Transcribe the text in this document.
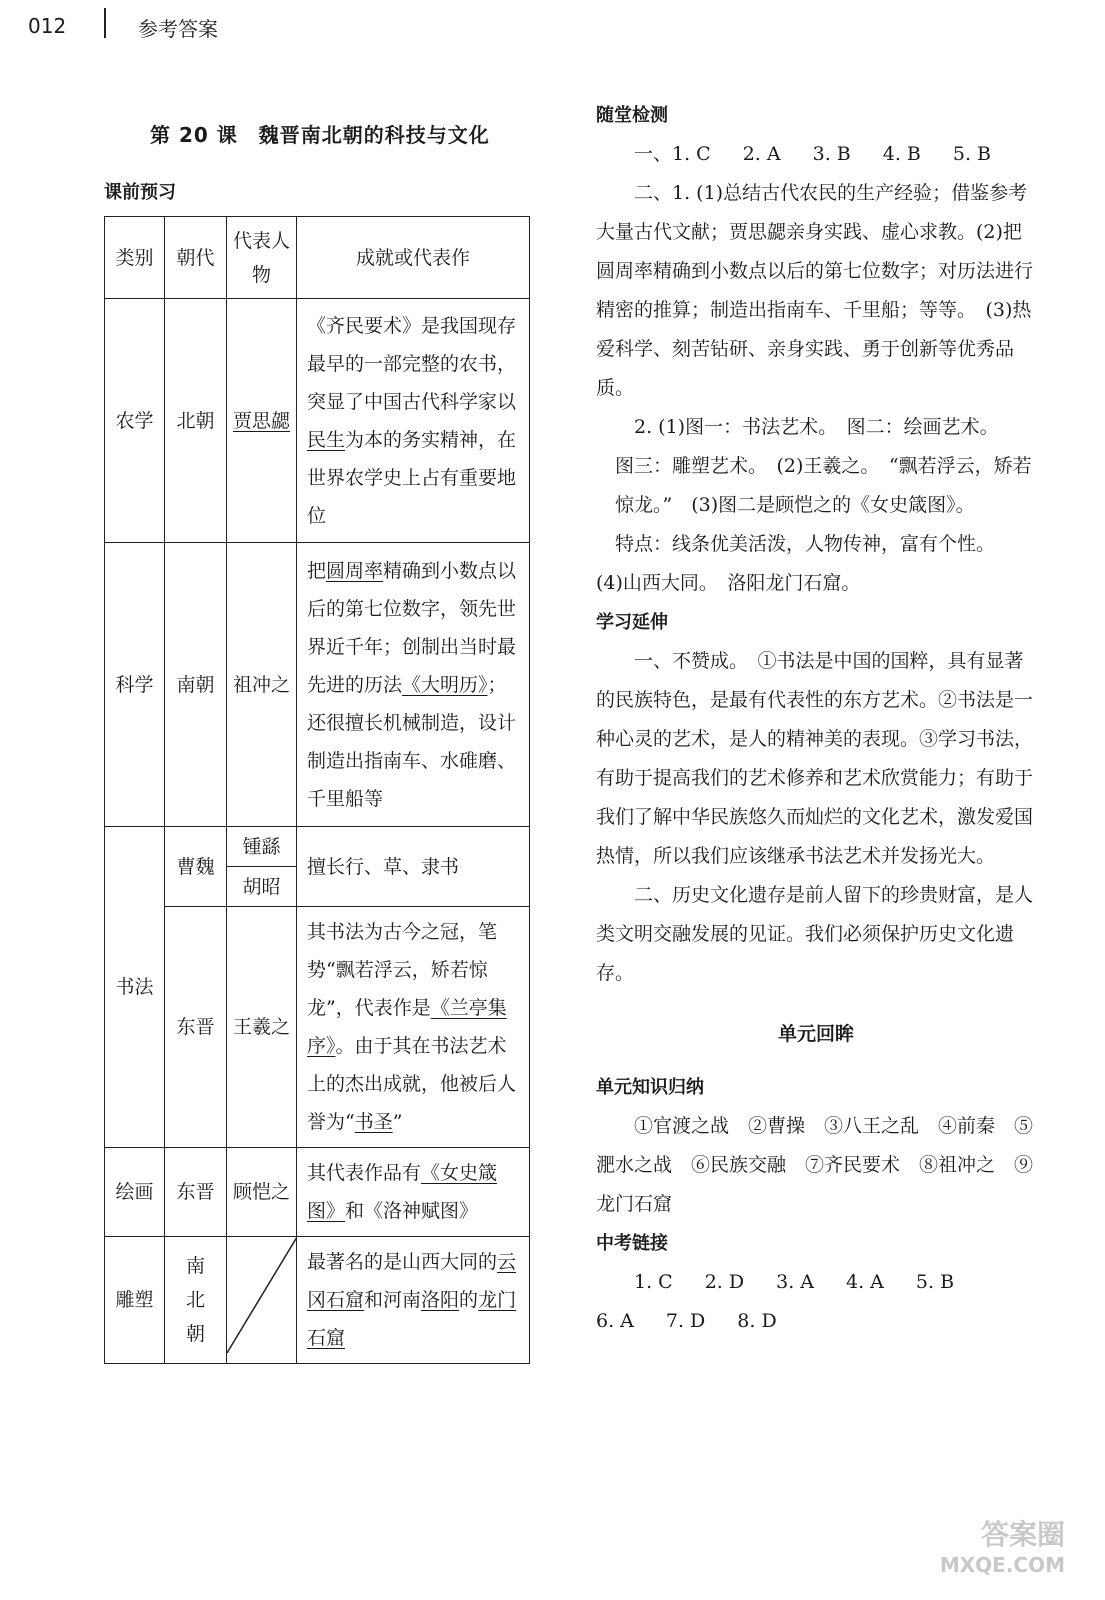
012	参考答案
第 20 课　魏晋南北朝的科技与文化
课前预习
类别	朝代	代表人物	成就或代表作
农学	北朝	贾思勰	《齐民要术》是我国现存最早的一部完整的农书，突显了中国古代科学家以民生为本的务实精神，在世界农学史上占有重要地位
科学	南朝	祖冲之	把圆周率精确到小数点以后的第七位数字，领先世界近千年；创制出当时最先进的历法《大明历》；还很擅长机械制造，设计制造出指南车、水碓磨、千里船等
书法	曹魏	锺繇	擅长行、草、隶书
		胡昭	
	东晋	王羲之	其书法为古今之冠，笔势“飘若浮云，矫若惊龙”，代表作是《兰亭集序》。由于其在书法艺术上的杰出成就，他被后人誉为“书圣”
绘画	东晋	顾恺之	其代表作品有《女史箴图》和《洛神赋图》
雕塑	南北朝		最著名的是山西大同的云冈石窟和河南洛阳的龙门石窟

随堂检测

一、1. C 2. A 3. B 4. B 5. B

二、1. (1)总结古代农民的生产经验；借鉴参考大量古代文献；贾思勰亲身实践、虚心求教。(2)把圆周率精确到小数点以后的第七位数字；对历法进行精密的推算；制造出指南车、千里船；等等。　(3)热爱科学、刻苦钻研、亲身实践、勇于创新等优秀品质。

2. (1)图一：书法艺术。　图二：绘画艺术。

图三：雕塑艺术。　(2)王羲之。　“飘若浮云，矫若惊龙。”　(3)图二是顾恺之的《女史箴图》。

特点：线条优美活泼，人物传神，富有个性。

(4)山西大同。　洛阳龙门石窟。

学习延伸

一、不赞成。　①书法是中国的国粹，具有显著的民族特色，是最有代表性的东方艺术。②书法是一种心灵的艺术，是人的精神美的表现。③学习书法，有助于提高我们的艺术修养和艺术欣赏能力；有助于我们了解中华民族悠久而灿烂的文化艺术，激发爱国热情，所以我们应该继承书法艺术并发扬光大。

二、历史文化遗存是前人留下的珍贵财富，是人类文明交融发展的见证。我们必须保护历史文化遗存。

单元回眸

单元知识归纳

①官渡之战　②曹操　③八王之乱　④前秦　⑤淝水之战　⑥民族交融　⑦齐民要术　⑧祖冲之　⑨龙门石窟

中考链接

1. C 2. D 3. A 4. A 5. B

6. A 7. D 8. D

答案圈
MXQE.COM
